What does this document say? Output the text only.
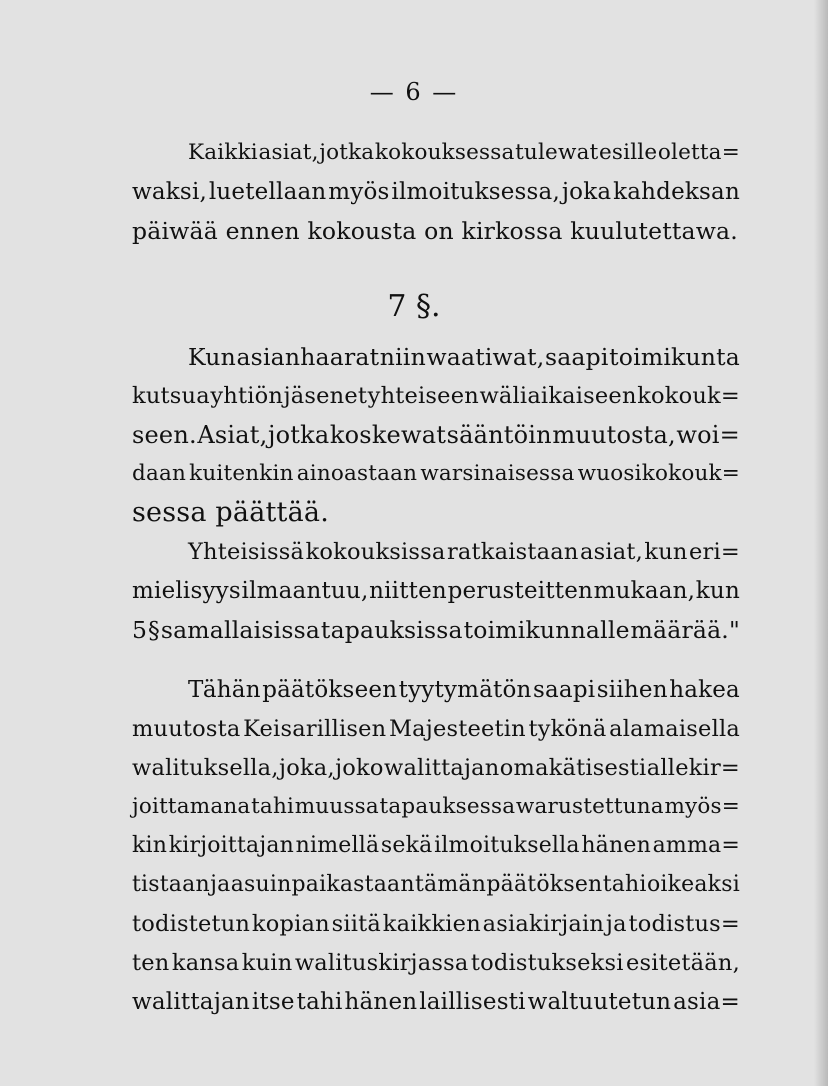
— 6 —
Kaikki asiat, jotka kokouksessa tulewat esille oletta=
waksi, luetellaan myös ilmoituksessa, joka kahdeksan
päiwää ennen kokousta on kirkossa kuulutettawa.
7 §.
Kun asianhaarat niin waatiwat, saapi toimikunta
kutsua yhtiön jäsenet yhteiseen wäliaikaiseen kokouk=
seen. Asiat, jotka koskewat sääntöin muutosta, woi=
daan kuitenkin ainoastaan warsinaisessa wuosikokouk=
sessa päättää.
Yhteisissä kokouksissa ratkaistaan asiat, kun eri=
mielisyys ilmaantuu, niitten perusteitten mukaan, kun
5 § samallaisissa tapauksissa toimikunnalle määrää."
Tähän päätökseen tyytymätön saapi siihen hakea
muutosta Keisarillisen Majesteetin tykönä alamaisella
walituksella, joka, joko walittajan omakätisesti allekir=
joittamana tahi muussa tapauksessa warustettuna myös=
kin kirjoittajan nimellä sekä ilmoituksella hänen amma=
tistaan ja asuinpaikastaan tämän päätöksen tahi oikeaksi
todistetun kopian siitä kaikkien asiakirjain ja todistus=
ten kansa kuin walituskirjassa todistukseksi esitetään,
walittajan itse tahi hänen laillisesti waltuutetun asia=
